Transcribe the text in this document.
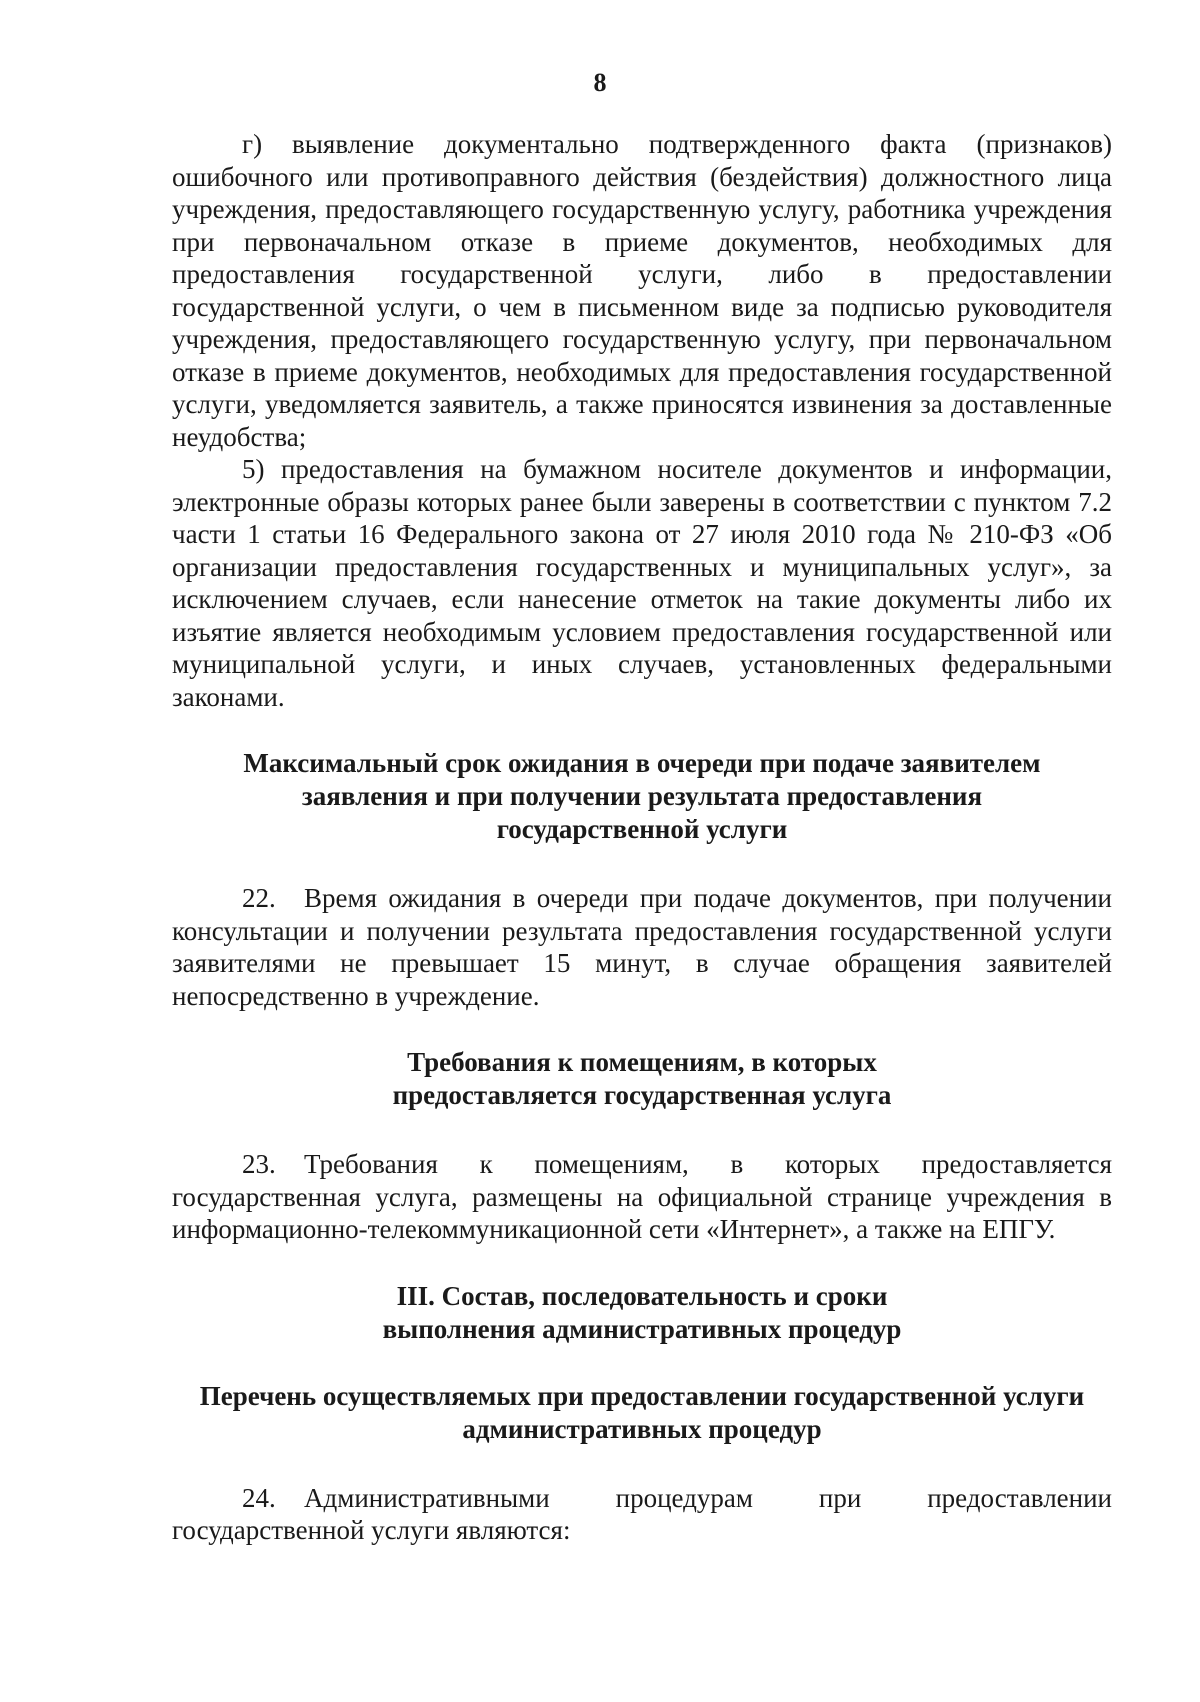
8

г) выявление документально подтвержденного факта (признаков) ошибочного или противоправного действия (бездействия) должностного лица учреждения, предоставляющего государственную услугу, работника учреждения при первоначальном отказе в приеме документов, необходимых для предоставления государственной услуги, либо в предоставлении государственной услуги, о чем в письменном виде за подписью руководителя учреждения, предоставляющего государственную услугу, при первоначальном отказе в приеме документов, необходимых для предоставления государственной услуги, уведомляется заявитель, а также приносятся извинения за доставленные неудобства;

5) предоставления на бумажном носителе документов и информации, электронные образы которых ранее были заверены в соответствии с пунктом 7.2 части 1 статьи 16 Федерального закона от 27 июля 2010 года № 210-ФЗ «Об организации предоставления государственных и муниципальных услуг», за исключением случаев, если нанесение отметок на такие документы либо их изъятие является необходимым условием предоставления государственной или муниципальной услуги, и иных случаев, установленных федеральными законами.

Максимальный срок ожидания в очереди при подаче заявителем заявления и при получении результата предоставления государственной услуги

22. Время ожидания в очереди при подаче документов, при получении консультации и получении результата предоставления государственной услуги заявителями не превышает 15 минут, в случае обращения заявителей непосредственно в учреждение.

Требования к помещениям, в которых предоставляется государственная услуга

23. Требования к помещениям, в которых предоставляется государственная услуга, размещены на официальной странице учреждения в информационно-телекоммуникационной сети «Интернет», а также на ЕПГУ.

III. Состав, последовательность и сроки выполнения административных процедур

Перечень осуществляемых при предоставлении государственной услуги административных процедур

24. Административными процедурам при предоставлении государственной услуги являются:
